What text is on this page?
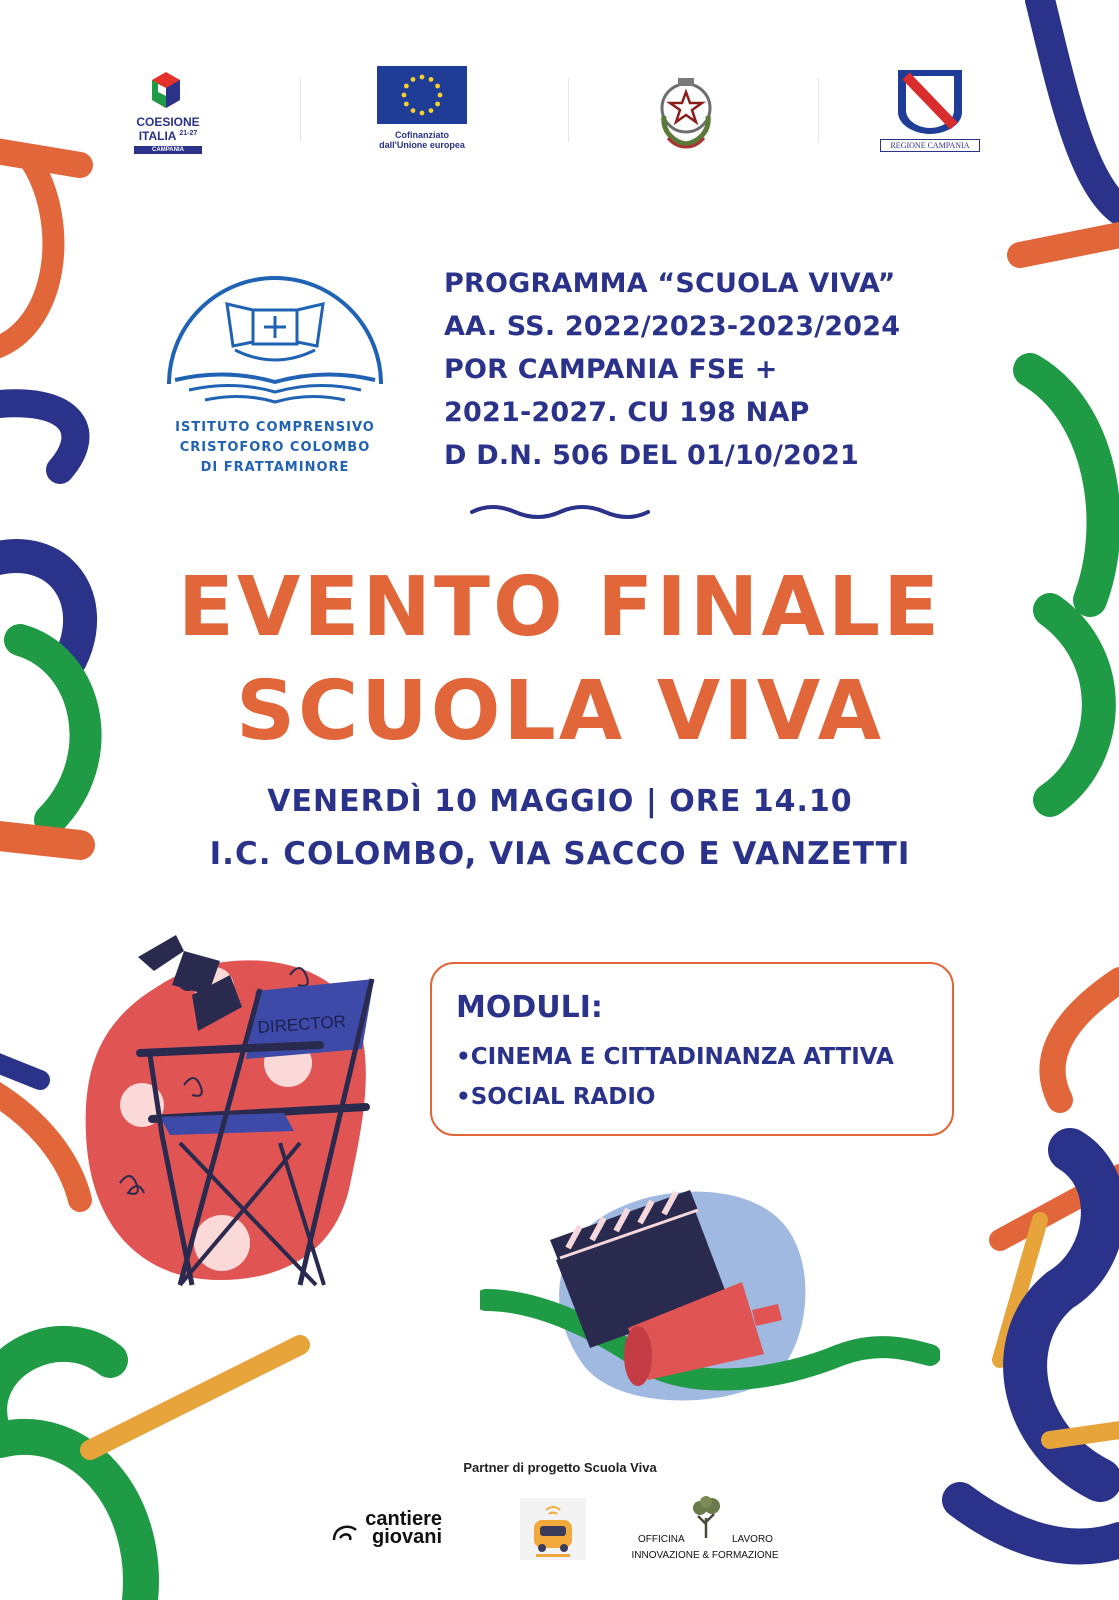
COESIONE
ITALIA $^{21-27}$
CAMPANIA
Cofinanziato
dall'Unione europea	REGIONE CAMPANIA
ISTITUTO COMPRENSIVO
CRISTOFORO COLOMBO
DI FRATTAMINORE
PROGRAMMA “SCUOLA VIVA”
AA. SS. 2022/2023-2023/2024
POR CAMPANIA FSE +
2021-2027. CU 198 NAP
D D.N. 506 DEL 01/10/2021
EVENTO FINALE
SCUOLA VIVA
VENERDÌ 10 MAGGIO | ORE 14.10
I.C. COLOMBO, VIA SACCO E VANZETTI
DIRECTOR	MODULI:
•CINEMA E CITTADINANZA ATTIVA
•SOCIAL RADIO
Partner di progetto Scuola Viva
cantiere
giovani	OFFICINA	LAVORO
INNOVAZIONE & FORMAZIONE
